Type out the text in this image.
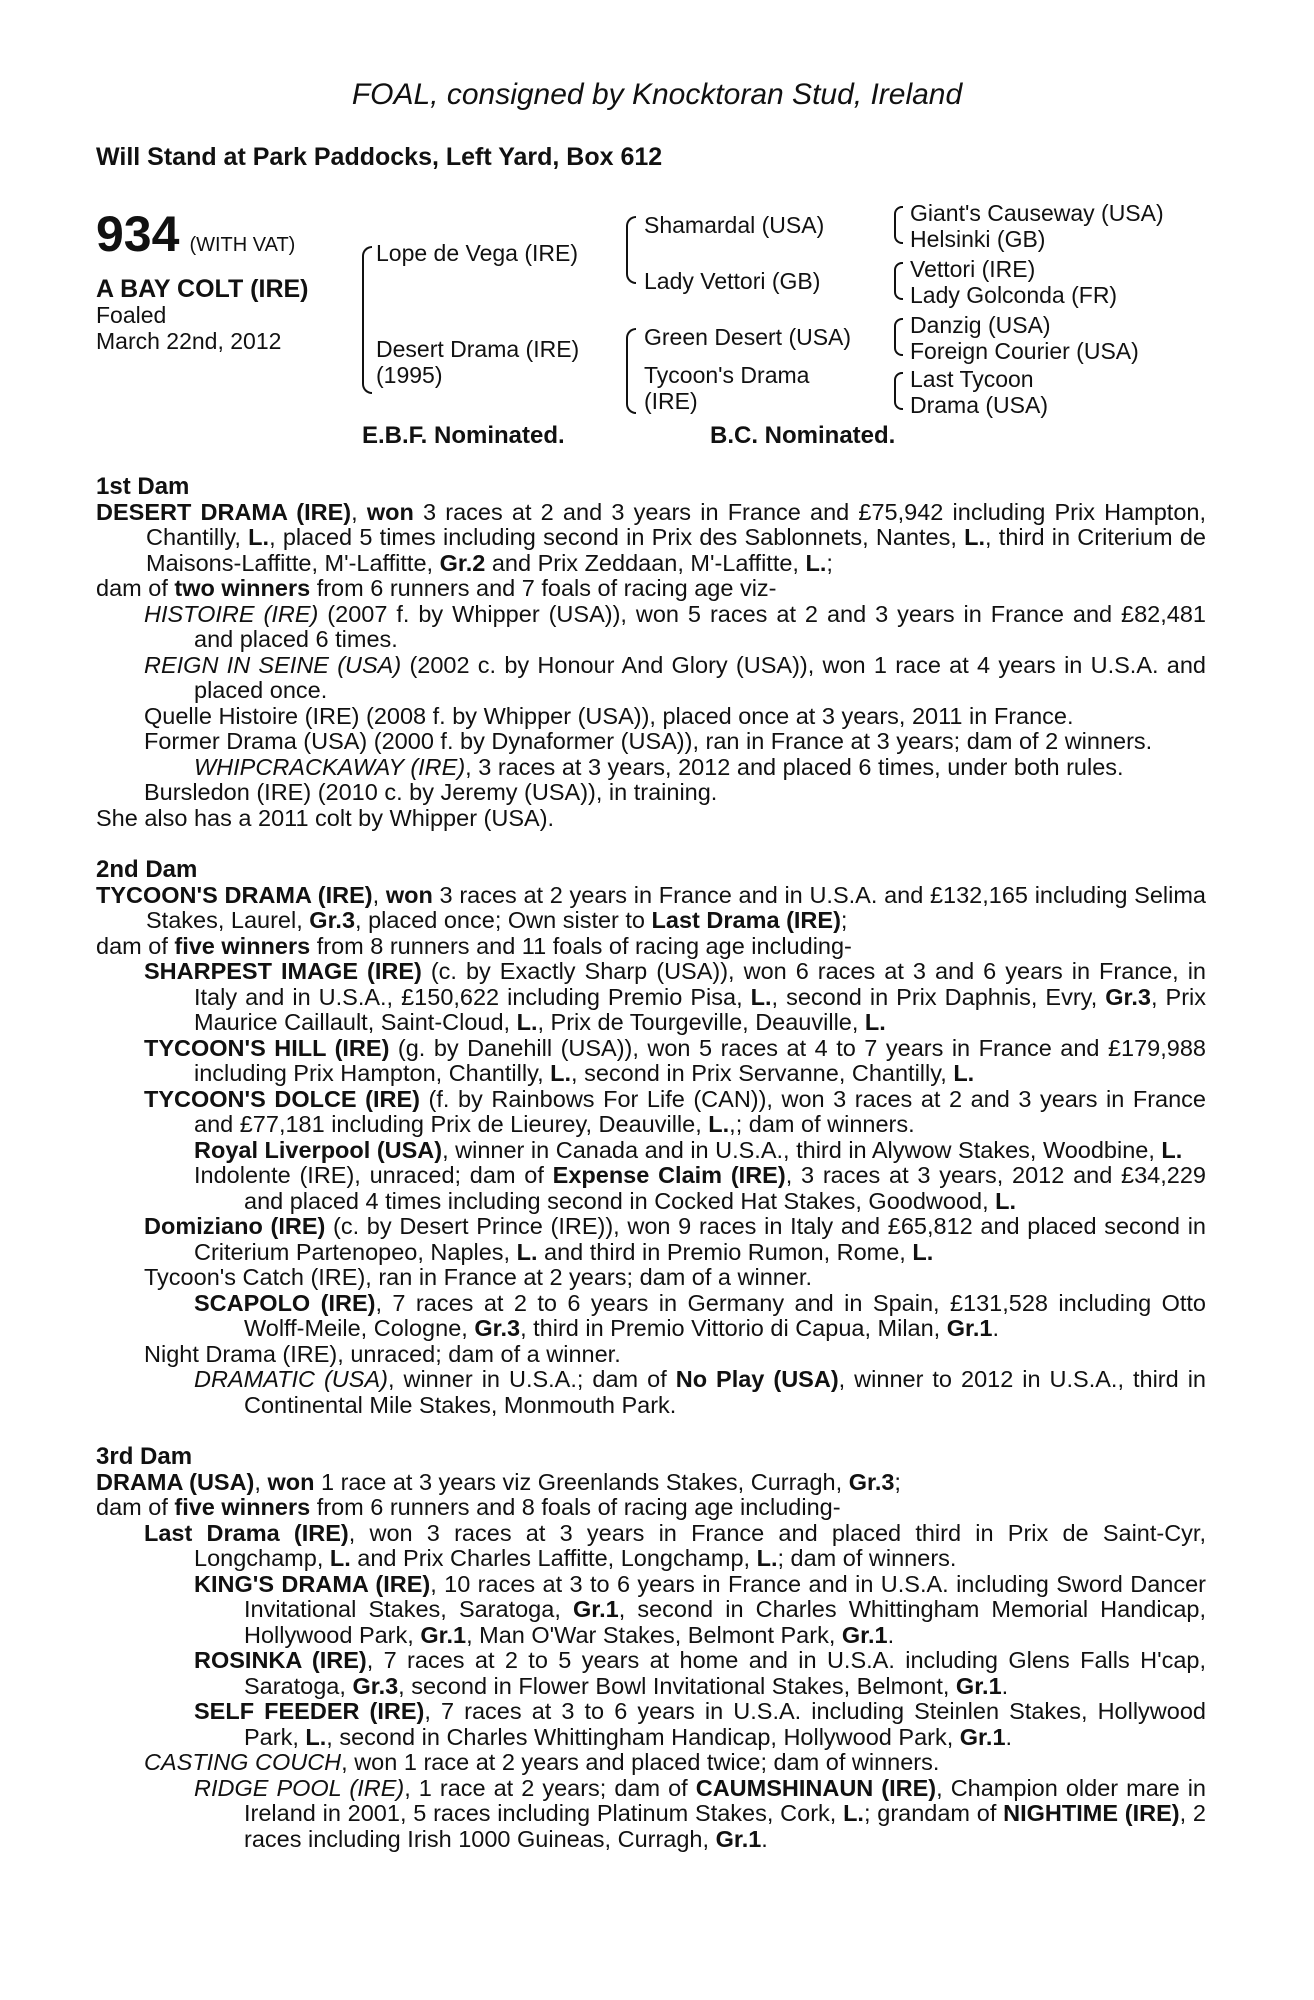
FOAL, consigned by Knocktoran Stud, Ireland
Will Stand at Park Paddocks, Left Yard, Box 612
934 (WITH VAT)
A BAY COLT (IRE)
Foaled
March 22nd, 2012
Lope de Vega (IRE)
Desert Drama (IRE)
(1995)
Shamardal (USA)
Lady Vettori (GB)
Green Desert (USA)
Tycoon's Drama
(IRE)
Giant's Causeway (USA)
Helsinki (GB)
Vettori (IRE)
Lady Golconda (FR)
Danzig (USA)
Foreign Courier (USA)
Last Tycoon
Drama (USA)
E.B.F. Nominated.	B.C. Nominated.
1st Dam

DESERT DRAMA (IRE), won 3 races at 2 and 3 years in France and £75,942 including Prix Hampton, Chantilly, L., placed 5 times including second in Prix des Sablonnets, Nantes, L., third in Criterium de Maisons-Laffitte, M'-Laffitte, Gr.2 and Prix Zeddaan, M'-Laffitte, L.;

dam of two winners from 6 runners and 7 foals of racing age viz-

HISTOIRE (IRE) (2007 f. by Whipper (USA)), won 5 races at 2 and 3 years in France and £82,481 and placed 6 times.

REIGN IN SEINE (USA) (2002 c. by Honour And Glory (USA)), won 1 race at 4 years in U.S.A. and placed once.

Quelle Histoire (IRE) (2008 f. by Whipper (USA)), placed once at 3 years, 2011 in France.

Former Drama (USA) (2000 f. by Dynaformer (USA)), ran in France at 3 years; dam of 2 winners.

WHIPCRACKAWAY (IRE), 3 races at 3 years, 2012 and placed 6 times, under both rules.

Bursledon (IRE) (2010 c. by Jeremy (USA)), in training.

She also has a 2011 colt by Whipper (USA).

2nd Dam

TYCOON'S DRAMA (IRE), won 3 races at 2 years in France and in U.S.A. and £132,165 including Selima Stakes, Laurel, Gr.3, placed once; Own sister to Last Drama (IRE);

dam of five winners from 8 runners and 11 foals of racing age including-

SHARPEST IMAGE (IRE) (c. by Exactly Sharp (USA)), won 6 races at 3 and 6 years in France, in Italy and in U.S.A., £150,622 including Premio Pisa, L., second in Prix Daphnis, Evry, Gr.3, Prix Maurice Caillault, Saint-Cloud, L., Prix de Tourgeville, Deauville, L.

TYCOON'S HILL (IRE) (g. by Danehill (USA)), won 5 races at 4 to 7 years in France and £179,988 including Prix Hampton, Chantilly, L., second in Prix Servanne, Chantilly, L.

TYCOON'S DOLCE (IRE) (f. by Rainbows For Life (CAN)), won 3 races at 2 and 3 years in France and £77,181 including Prix de Lieurey, Deauville, L.,; dam of winners.

Royal Liverpool (USA), winner in Canada and in U.S.A., third in Alywow Stakes, Woodbine, L.

Indolente (IRE), unraced; dam of Expense Claim (IRE), 3 races at 3 years, 2012 and £34,229 and placed 4 times including second in Cocked Hat Stakes, Goodwood, L.

Domiziano (IRE) (c. by Desert Prince (IRE)), won 9 races in Italy and £65,812 and placed second in Criterium Partenopeo, Naples, L. and third in Premio Rumon, Rome, L.

Tycoon's Catch (IRE), ran in France at 2 years; dam of a winner.

SCAPOLO (IRE), 7 races at 2 to 6 years in Germany and in Spain, £131,528 including Otto Wolff-Meile, Cologne, Gr.3, third in Premio Vittorio di Capua, Milan, Gr.1.

Night Drama (IRE), unraced; dam of a winner.

DRAMATIC (USA), winner in U.S.A.; dam of No Play (USA), winner to 2012 in U.S.A., third in Continental Mile Stakes, Monmouth Park.

3rd Dam

DRAMA (USA), won 1 race at 3 years viz Greenlands Stakes, Curragh, Gr.3;

dam of five winners from 6 runners and 8 foals of racing age including-

Last Drama (IRE), won 3 races at 3 years in France and placed third in Prix de Saint-Cyr, Longchamp, L. and Prix Charles Laffitte, Longchamp, L.; dam of winners.

KING'S DRAMA (IRE), 10 races at 3 to 6 years in France and in U.S.A. including Sword Dancer Invitational Stakes, Saratoga, Gr.1, second in Charles Whittingham Memorial Handicap, Hollywood Park, Gr.1, Man O'War Stakes, Belmont Park, Gr.1.

ROSINKA (IRE), 7 races at 2 to 5 years at home and in U.S.A. including Glens Falls H'cap, Saratoga, Gr.3, second in Flower Bowl Invitational Stakes, Belmont, Gr.1.

SELF FEEDER (IRE), 7 races at 3 to 6 years in U.S.A. including Steinlen Stakes, Hollywood Park, L., second in Charles Whittingham Handicap, Hollywood Park, Gr.1.

CASTING COUCH, won 1 race at 2 years and placed twice; dam of winners.

RIDGE POOL (IRE), 1 race at 2 years; dam of CAUMSHINAUN (IRE), Champion older mare in Ireland in 2001, 5 races including Platinum Stakes, Cork, L.; grandam of NIGHTIME (IRE), 2 races including Irish 1000 Guineas, Curragh, Gr.1.
